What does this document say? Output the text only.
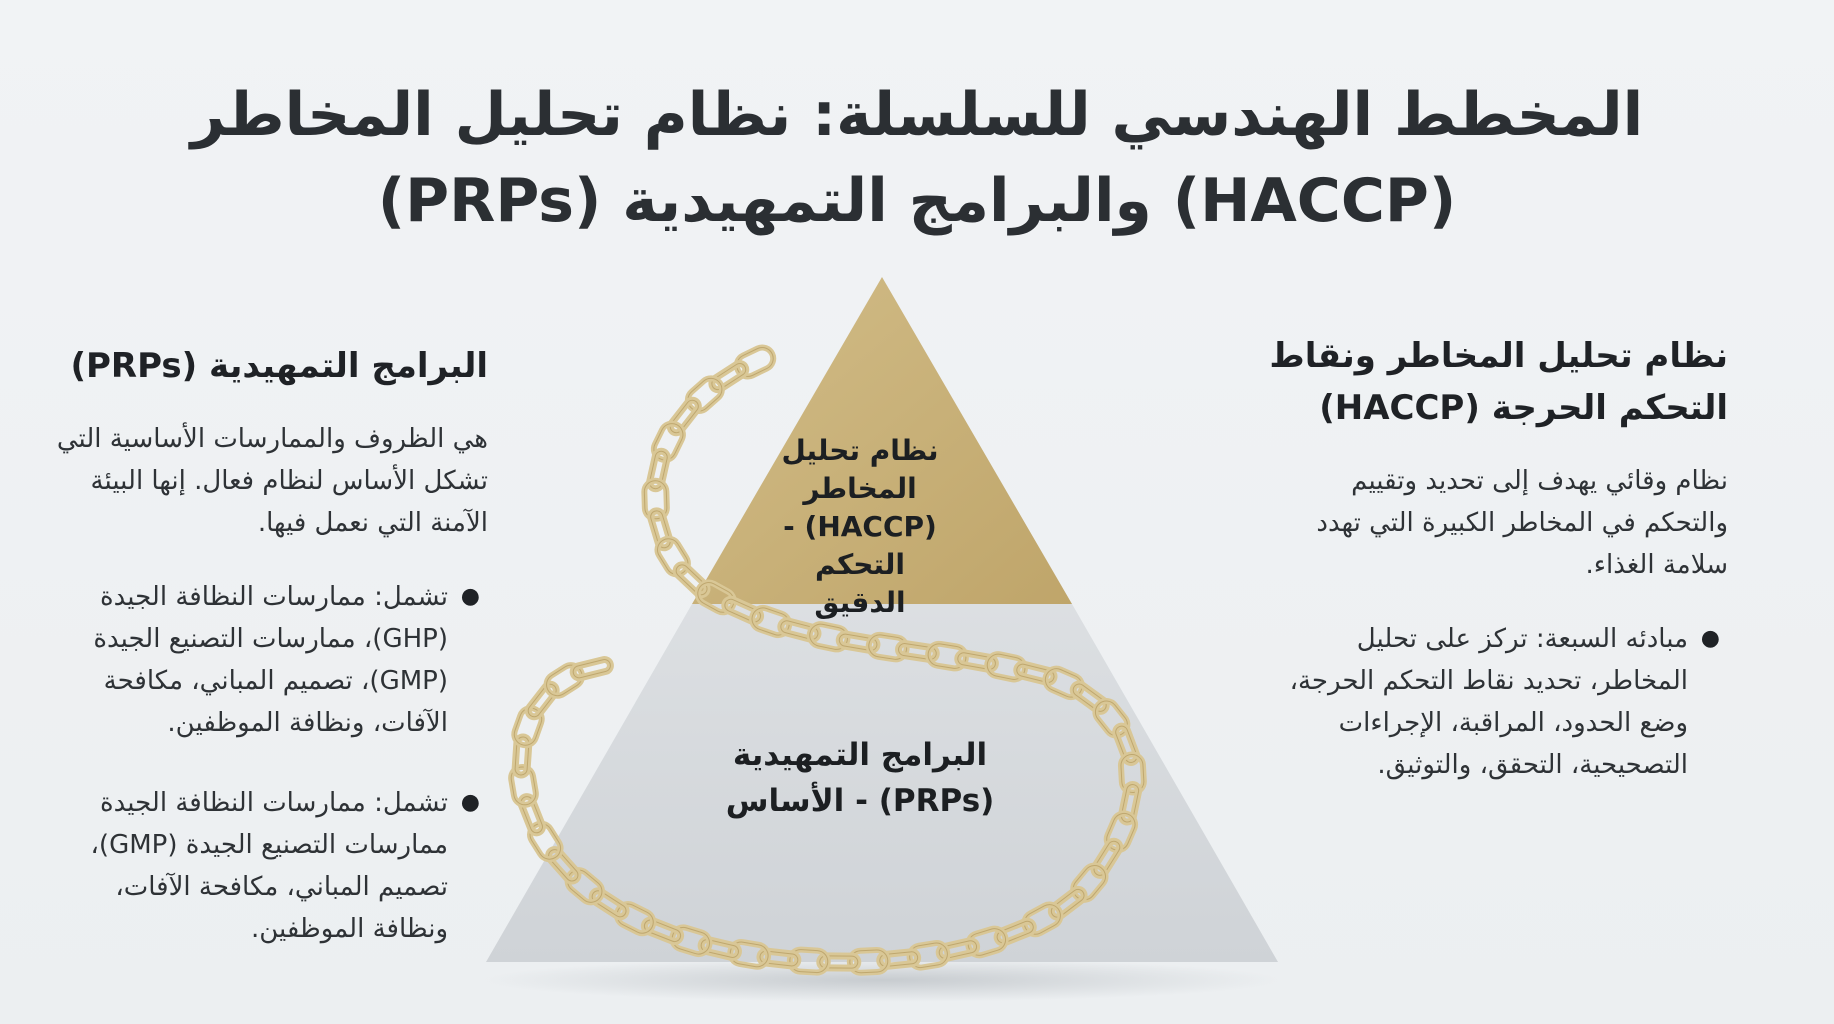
المخطط الهندسي للسلسلة: نظام تحليل المخاطر (HACCP) والبرامج التمهيدية (PRPs)
البرامج التمهيدية (PRPs)

هي الظروف والممارسات الأساسية التي تشكل الأساس لنظام فعال. إنها البيئة الآمنة التي نعمل فيها.

●
تشمل: ممارسات النظافة الجيدة (GHP)، ممارسات التصنيع الجيدة (GMP)، تصميم المباني، مكافحة الآفات، ونظافة الموظفين.
●
تشمل: ممارسات النظافة الجيدة ممارسات التصنيع الجيدة (GMP)، تصميم المباني، مكافحة الآفات، ونظافة الموظفين.
نظام تحليل المخاطر ونقاط التحكم الحرجة (HACCP)

نظام وقائي يهدف إلى تحديد وتقييم والتحكم في المخاطر الكبيرة التي تهدد سلامة الغذاء.

●
مبادئه السبعة: تركز على تحليل المخاطر، تحديد نقاط التحكم الحرجة، وضع الحدود، المراقبة، الإجراءات التصحيحية، التحقق، والتوثيق.
نظام تحليل المخاطر (HACCP) - التحكم الدقيق
البرامج التمهيدية (PRPs) - الأساس
